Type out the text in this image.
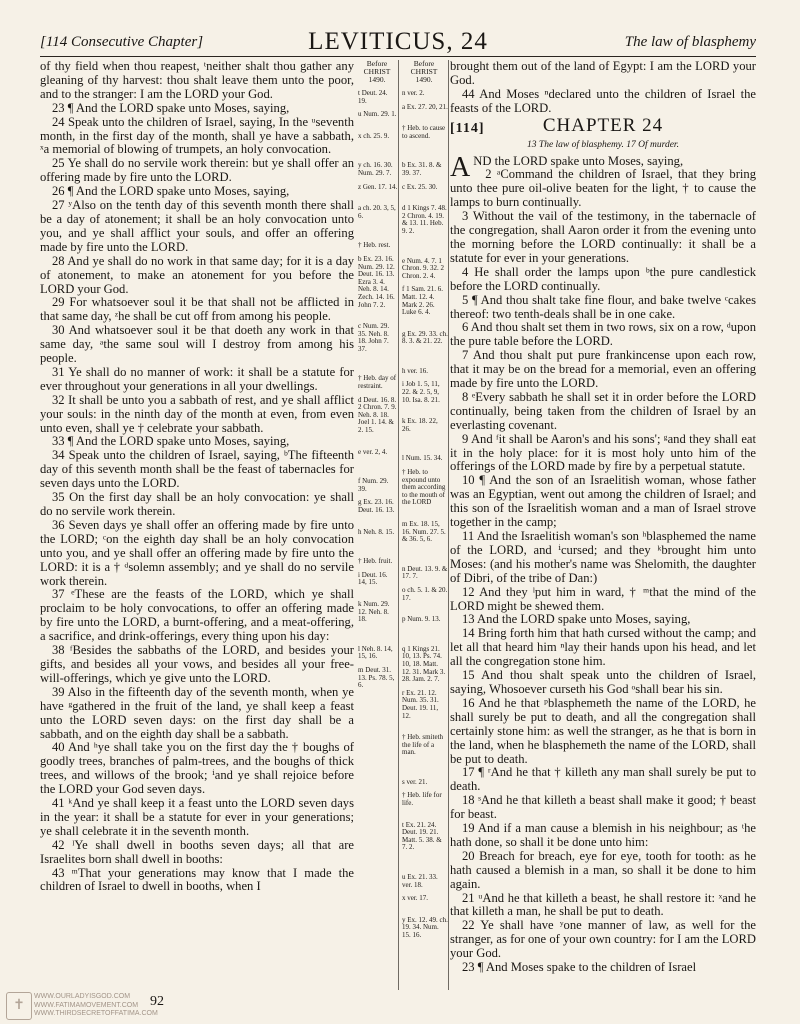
[114 Consecutive Chapter]	LEVITICUS, 24	The law of blasphemy

of thy field when thou reapest, ᵗneither shalt thou gather any gleaning of thy harvest: thou shalt leave them unto the poor, and to the stranger: I am the LORD your God.

23 ¶ And the LORD spake unto Moses, saying,

24 Speak unto the children of Israel, saying, In the ᵘseventh month, in the first day of the month, shall ye have a sabbath, ˣa memorial of blowing of trumpets, an holy convocation.

25 Ye shall do no servile work therein: but ye shall offer an offering made by fire unto the LORD.

26 ¶ And the LORD spake unto Moses, saying,

27 ʸAlso on the tenth day of this seventh month there shall be a day of atonement; it shall be an holy convocation unto you, and ye shall afflict your souls, and offer an offering made by fire unto the LORD.

28 And ye shall do no work in that same day; for it is a day of atonement, to make an atonement for you before the LORD your God.

29 For whatsoever soul it be that shall not be afflicted in that same day, ᶻhe shall be cut off from among his people.

30 And whatsoever soul it be that doeth any work in that same day, ᵃthe same soul will I destroy from among his people.

31 Ye shall do no manner of work: it shall be a statute for ever throughout your generations in all your dwellings.

32 It shall be unto you a sabbath of rest, and ye shall afflict your souls: in the ninth day of the month at even, from even unto even, shall ye † celebrate your sabbath.

33 ¶ And the LORD spake unto Moses, saying,

34 Speak unto the children of Israel, saying, ᵇThe fifteenth day of this seventh month shall be the feast of tabernacles for seven days unto the LORD.

35 On the first day shall be an holy convocation: ye shall do no servile work therein.

36 Seven days ye shall offer an offering made by fire unto the LORD; ᶜon the eighth day shall be an holy convocation unto you, and ye shall offer an offering made by fire unto the LORD: it is a † ᵈsolemn assembly; and ye shall do no servile work therein.

37 ᵉThese are the feasts of the LORD, which ye shall proclaim to be holy convocations, to offer an offering made by fire unto the LORD, a burnt-offering, and a meat-offering, a sacrifice, and drink-offerings, every thing upon his day:

38 ᶠBesides the sabbaths of the LORD, and besides your gifts, and besides all your vows, and besides all your free-will-offerings, which ye give unto the LORD.

39 Also in the fifteenth day of the seventh month, when ye have ᵍgathered in the fruit of the land, ye shall keep a feast unto the LORD seven days: on the first day shall be a sabbath, and on the eighth day shall be a sabbath.

40 And ʰye shall take you on the first day the † boughs of goodly trees, branches of palm-trees, and the boughs of thick trees, and willows of the brook; ⁱand ye shall rejoice before the LORD your God seven days.

41 ᵏAnd ye shall keep it a feast unto the LORD seven days in the year: it shall be a statute for ever in your generations; ye shall celebrate it in the seventh month.

42 ˡYe shall dwell in booths seven days; all that are Israelites born shall dwell in booths:

43 ᵐThat your generations may know that I made the children of Israel to dwell in booths, when I

Before
CHRIST
1490.
t Deut. 24. 19.
u Num. 29. 1.
x ch. 25. 9.
y ch. 16. 30. Num. 29. 7.
z Gen. 17. 14.
a ch. 20. 3, 5, 6.
† Heb. rest.
b Ex. 23. 16. Num. 29. 12. Deut. 16. 13. Ezra 3. 4. Neh. 8. 14. Zech. 14. 16. John 7. 2.
c Num. 29. 35. Neh. 8. 18. John 7. 37.
† Heb. day of restraint.
d Deut. 16. 8. 2 Chron. 7. 9. Neh. 8. 18. Joel 1. 14. & 2. 15.
e ver. 2, 4.
f Num. 29. 39.
g Ex. 23. 16. Deut. 16. 13.
h Neh. 8. 15.
† Heb. fruit.
i Deut. 16. 14, 15.
k Num. 29. 12. Neh. 8. 18.
l Neh. 8. 14, 15, 16.
m Deut. 31. 13. Ps. 78. 5, 6.
Before
CHRIST
1490.
n ver. 2.
a Ex. 27. 20, 21.
† Heb. to cause to ascend.
b Ex. 31. 8. & 39. 37.
c Ex. 25. 30.
d 1 Kings 7. 48. 2 Chron. 4. 19. & 13. 11. Heb. 9. 2.
e Num. 4. 7. 1 Chron. 9. 32. 2 Chron. 2. 4.
f 1 Sam. 21. 6. Matt. 12. 4. Mark 2. 26. Luke 6. 4.
g Ex. 29. 33. ch. 8. 3. & 21. 22.
h ver. 16.
i Job 1. 5, 11, 22. & 2. 5, 9, 10. Isa. 8. 21.
k Ex. 18. 22, 26.
l Num. 15. 34.
† Heb. to expound unto them according to the mouth of the LORD
m Ex. 18. 15, 16. Num. 27. 5. & 36. 5, 6.
n Deut. 13. 9. & 17. 7.
o ch. 5. 1. & 20. 17.
p Num. 9. 13.
q 1 Kings 21. 10, 13. Ps. 74. 10, 18. Matt. 12. 31. Mark 3. 28. Jam. 2. 7.
r Ex. 21. 12. Num. 35. 31. Deut. 19. 11, 12.
† Heb. smiteth the life of a man.
s ver. 21.
† Heb. life for life.
t Ex. 21. 24. Deut. 19. 21. Matt. 5. 38. & 7. 2.
u Ex. 21. 33. ver. 18.
x ver. 17.
y Ex. 12. 49. ch. 19. 34. Num. 15. 16.

brought them out of the land of Egypt: I am the LORD your God.

44 And Moses ⁿdeclared unto the children of Israel the feasts of the LORD.

[114]	CHAPTER 24
13 The law of blasphemy. 17 Of murder.

AND the LORD spake unto Moses, saying,

2 ᵃCommand the children of Israel, that they bring unto thee pure oil-olive beaten for the light, † to cause the lamps to burn continually.

3 Without the vail of the testimony, in the tabernacle of the congregation, shall Aaron order it from the evening unto the morning before the LORD continually: it shall be a statute for ever in your generations.

4 He shall order the lamps upon ᵇthe pure candlestick before the LORD continually.

5 ¶ And thou shalt take fine flour, and bake twelve ᶜcakes thereof: two tenth-deals shall be in one cake.

6 And thou shalt set them in two rows, six on a row, ᵈupon the pure table before the LORD.

7 And thou shalt put pure frankincense upon each row, that it may be on the bread for a memorial, even an offering made by fire unto the LORD.

8 ᵉEvery sabbath he shall set it in order before the LORD continually, being taken from the children of Israel by an everlasting covenant.

9 And ᶠit shall be Aaron's and his sons'; ᵍand they shall eat it in the holy place: for it is most holy unto him of the offerings of the LORD made by fire by a perpetual statute.

10 ¶ And the son of an Israelitish woman, whose father was an Egyptian, went out among the children of Israel; and this son of the Israelitish woman and a man of Israel strove together in the camp;

11 And the Israelitish woman's son ʰblasphemed the name of the LORD, and ⁱcursed; and they ᵏbrought him unto Moses: (and his mother's name was Shelomith, the daughter of Dibri, of the tribe of Dan:)

12 And they ˡput him in ward, † ᵐthat the mind of the LORD might be shewed them.

13 And the LORD spake unto Moses, saying,

14 Bring forth him that hath cursed without the camp; and let all that heard him ⁿlay their hands upon his head, and let all the congregation stone him.

15 And thou shalt speak unto the children of Israel, saying, Whosoever curseth his God ᵒshall bear his sin.

16 And he that ᵖblasphemeth the name of the LORD, he shall surely be put to death, and all the congregation shall certainly stone him: as well the stranger, as he that is born in the land, when he blasphemeth the name of the LORD, shall be put to death.

17 ¶ ʳAnd he that † killeth any man shall surely be put to death.

18 ˢAnd he that killeth a beast shall make it good; † beast for beast.

19 And if a man cause a blemish in his neighbour; as ᵗhe hath done, so shall it be done unto him:

20 Breach for breach, eye for eye, tooth for tooth: as he hath caused a blemish in a man, so shall it be done to him again.

21 ᵘAnd he that killeth a beast, he shall restore it: ˣand he that killeth a man, he shall be put to death.

22 Ye shall have ʸone manner of law, as well for the stranger, as for one of your own country: for I am the LORD your God.

23 ¶ And Moses spake to the children of Israel

✝
WWW.OURLADYISGOD.COM
WWW.FATIMAMOVEMENT.COM
WWW.THIRDSECRETOFFATIMA.COM
92
